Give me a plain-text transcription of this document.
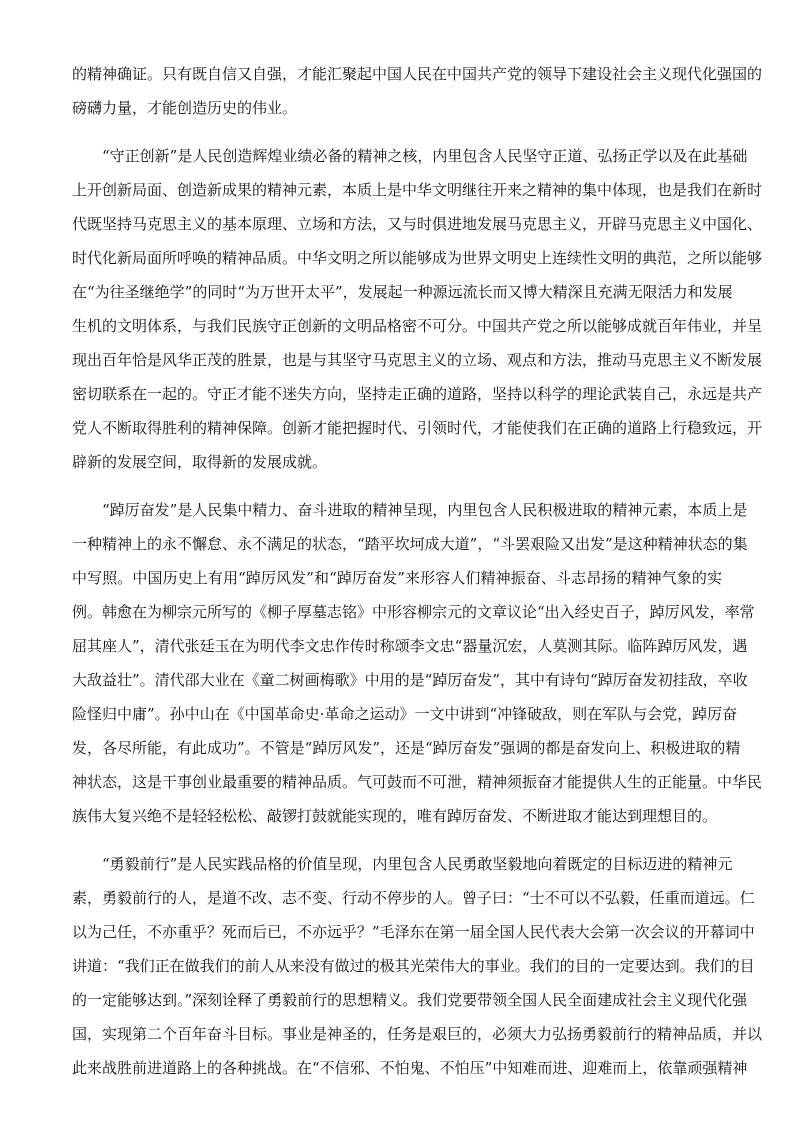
的精神确证。只有既自信又自强，才能汇聚起中国人民在中国共产党的领导下建设社会主义现代化强国的
磅礴力量，才能创造历史的伟业。
“守正创新”是人民创造辉煌业绩必备的精神之核，内里包含人民坚守正道、弘扬正学以及在此基础
上开创新局面、创造新成果的精神元素，本质上是中华文明继往开来之精神的集中体现，也是我们在新时
代既坚持马克思主义的基本原理、立场和方法，又与时俱进地发展马克思主义，开辟马克思主义中国化、
时代化新局面所呼唤的精神品质。中华文明之所以能够成为世界文明史上连续性文明的典范，之所以能够
在“为往圣继绝学”的同时“为万世开太平”，发展起一种源远流长而又博大精深且充满无限活力和发展
生机的文明体系，与我们民族守正创新的文明品格密不可分。中国共产党之所以能够成就百年伟业，并呈
现出百年恰是风华正茂的胜景，也是与其坚守马克思主义的立场、观点和方法，推动马克思主义不断发展
密切联系在一起的。守正才能不迷失方向，坚持走正确的道路，坚持以科学的理论武装自己，永远是共产
党人不断取得胜利的精神保障。创新才能把握时代、引领时代，才能使我们在正确的道路上行稳致远，开
辟新的发展空间，取得新的发展成就。
“踔厉奋发”是人民集中精力、奋斗进取的精神呈现，内里包含人民积极进取的精神元素，本质上是
一种精神上的永不懈怠、永不满足的状态，“踏平坎坷成大道”，“斗罢艰险又出发”是这种精神状态的集
中写照。中国历史上有用“踔厉风发”和“踔厉奋发”来形容人们精神振奋、斗志昂扬的精神气象的实
例。韩愈在为柳宗元所写的《柳子厚墓志铭》中形容柳宗元的文章议论“出入经史百子，踔厉风发，率常
屈其座人”，清代张廷玉在为明代李文忠作传时称颂李文忠“器量沉宏，人莫测其际。临阵踔厉风发，遇
大敌益壮”。清代邵大业在《童二树画梅歌》中用的是“踔厉奋发”，其中有诗句“踔厉奋发初挂敌，卒收
险怪归中庸”。孙中山在《中国革命史·革命之运动》一文中讲到“冲锋破敌，则在军队与会党，踔厉奋
发，各尽所能，有此成功”。不管是“踔厉风发”，还是“踔厉奋发”强调的都是奋发向上、积极进取的精
神状态，这是干事创业最重要的精神品质。气可鼓而不可泄，精神须振奋才能提供人生的正能量。中华民
族伟大复兴绝不是轻轻松松、敲锣打鼓就能实现的，唯有踔厉奋发、不断进取才能达到理想目的。
“勇毅前行”是人民实践品格的价值呈现，内里包含人民勇敢坚毅地向着既定的目标迈进的精神元
素，勇毅前行的人，是道不改、志不变、行动不停步的人。曾子曰：“士不可以不弘毅，任重而道远。仁
以为己任，不亦重乎？死而后已，不亦远乎？”毛泽东在第一届全国人民代表大会第一次会议的开幕词中
讲道：“我们正在做我们的前人从来没有做过的极其光荣伟大的事业。我们的目的一定要达到。我们的目
的一定能够达到。”深刻诠释了勇毅前行的思想精义。我们党要带领全国人民全面建成社会主义现代化强
国，实现第二个百年奋斗目标。事业是神圣的，任务是艰巨的，必须大力弘扬勇毅前行的精神品质，并以
此来战胜前进道路上的各种挑战。在“不信邪、不怕鬼、不怕压”中知难而进、迎难而上，依靠顽强精神
